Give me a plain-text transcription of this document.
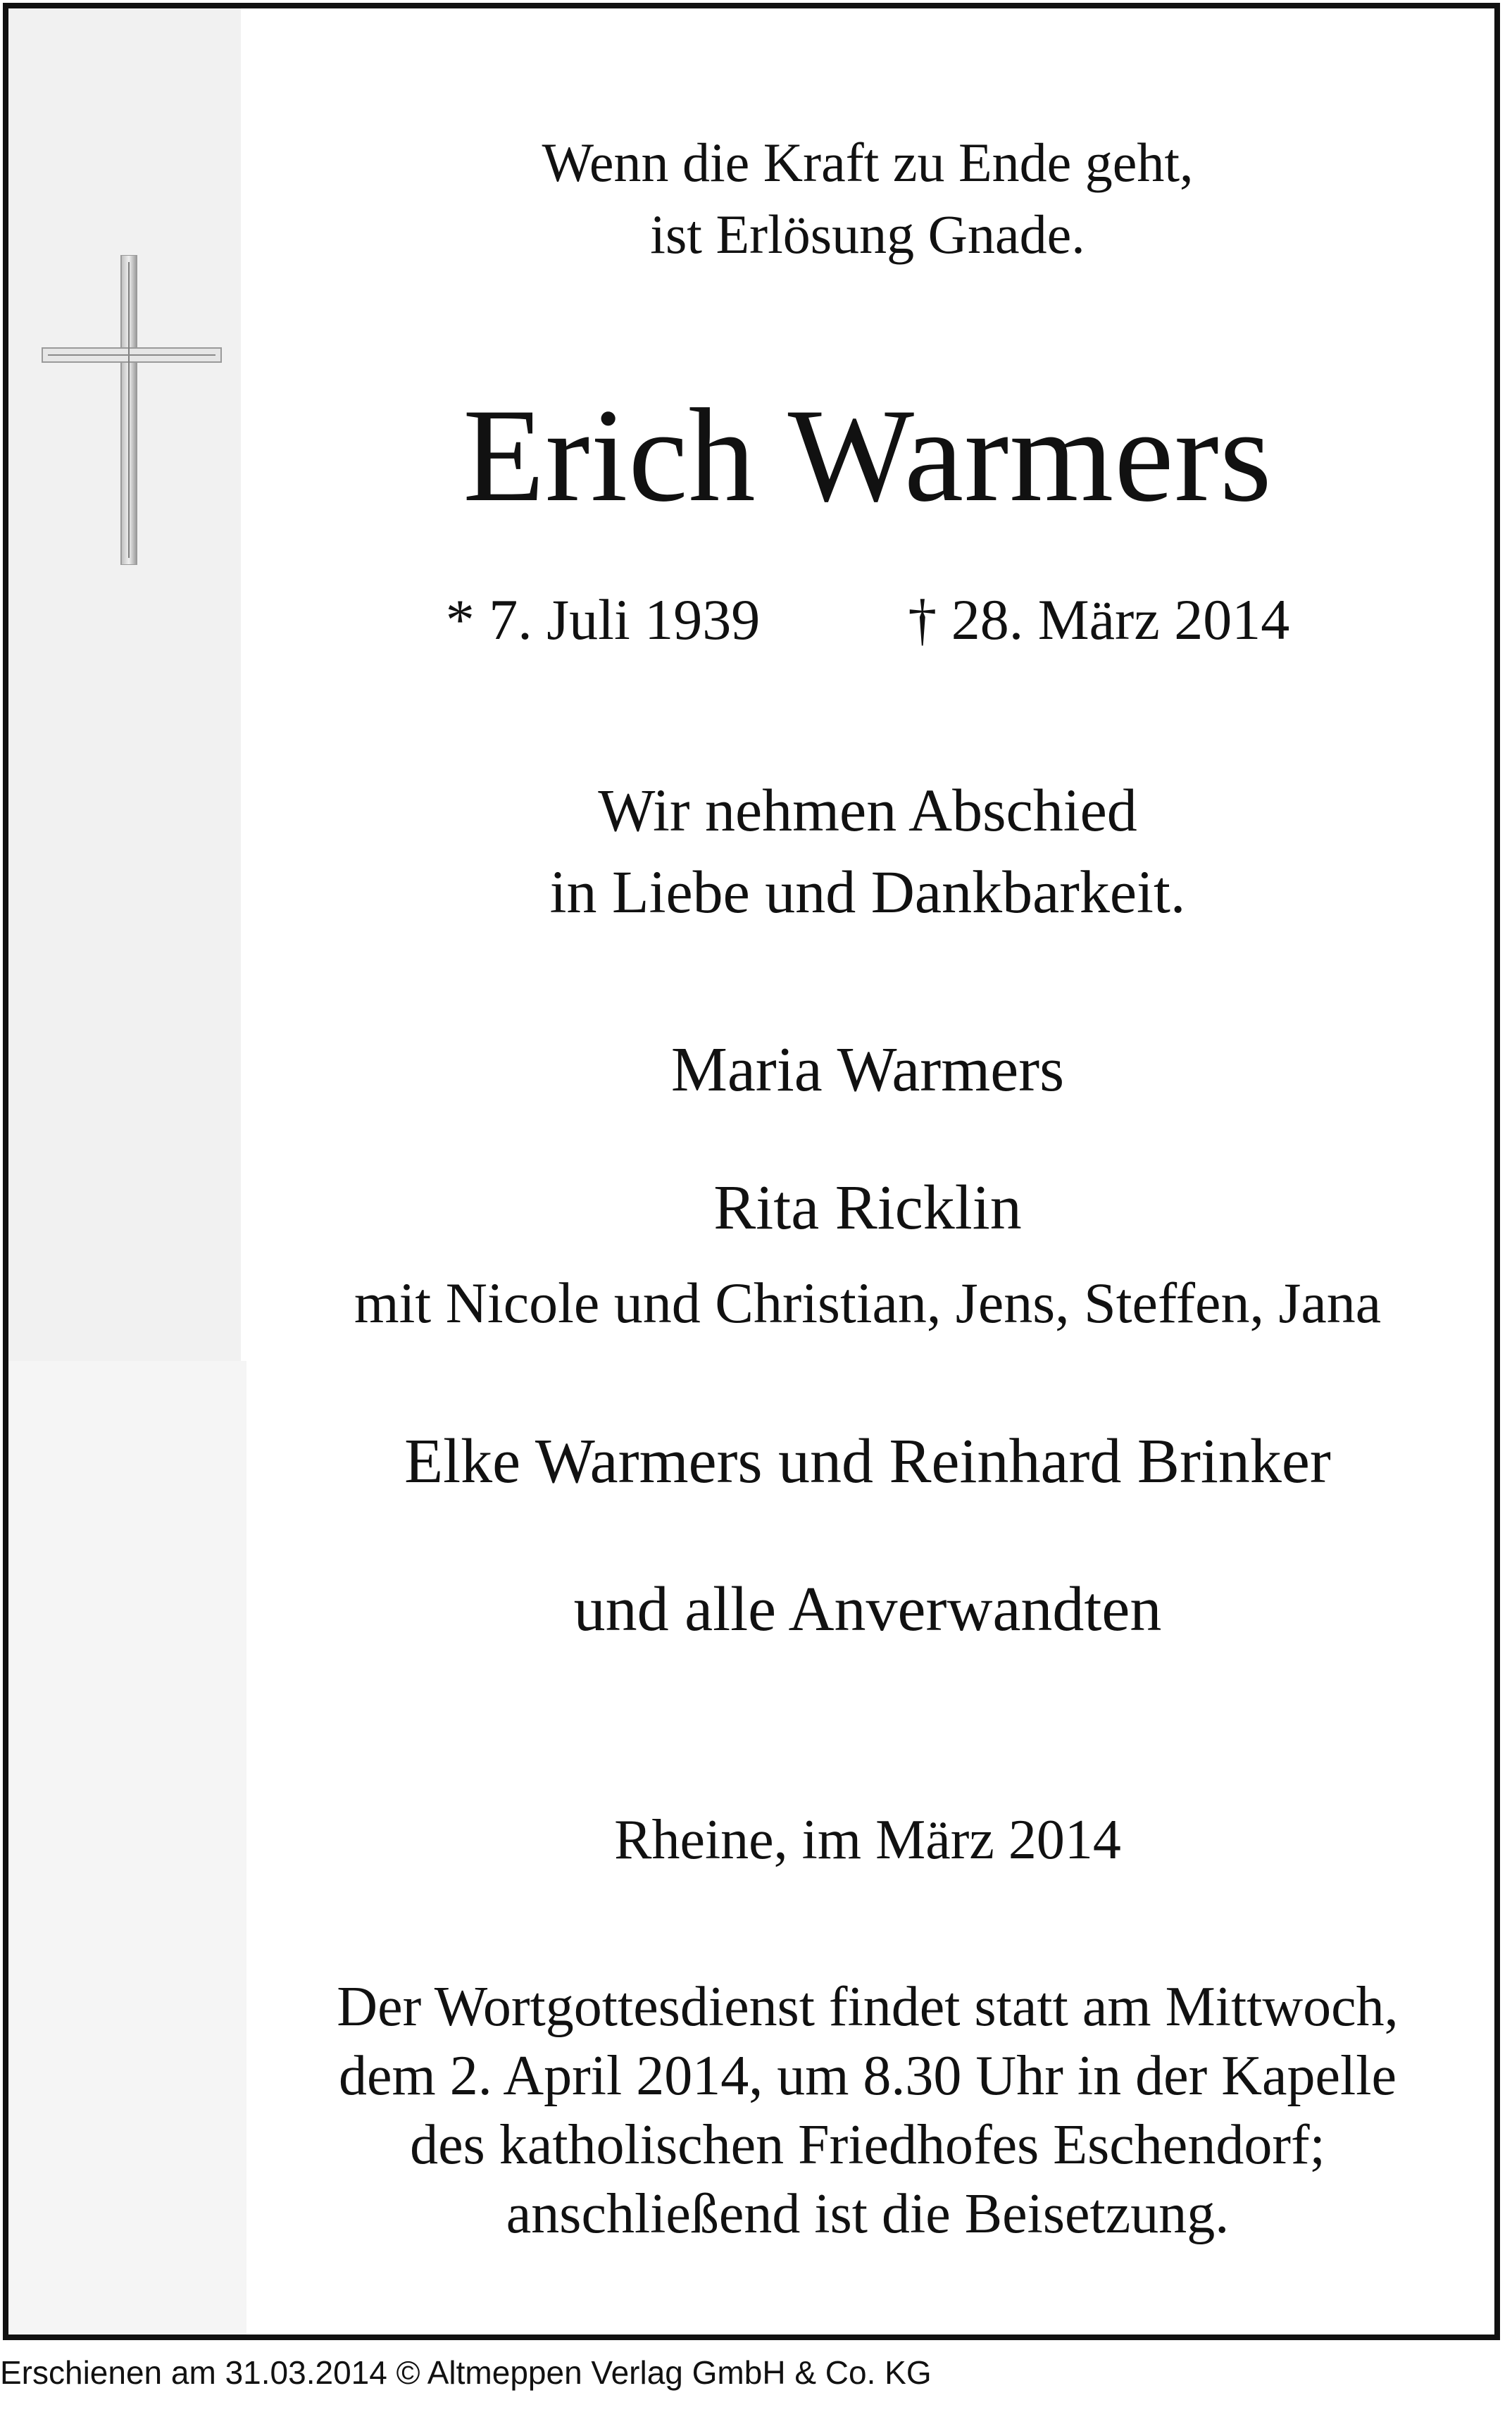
Wenn die Kraft zu Ende geht,
ist Erlösung Gnade.
Erich Warmers
* 7. Juli 1939	† 28. März 2014
Wir nehmen Abschied
in Liebe und Dankbarkeit.
Maria Warmers
Rita Ricklin
mit Nicole und Christian, Jens, Steffen, Jana
Elke Warmers und Reinhard Brinker
und alle Anverwandten
Rheine, im März 2014
Der Wortgottesdienst findet statt am Mittwoch,
dem 2. April 2014, um 8.30 Uhr in der Kapelle
des katholischen Friedhofes Eschendorf;
anschließend ist die Beisetzung.
Erschienen am 31.03.2014 © Altmeppen Verlag GmbH & Co. KG
